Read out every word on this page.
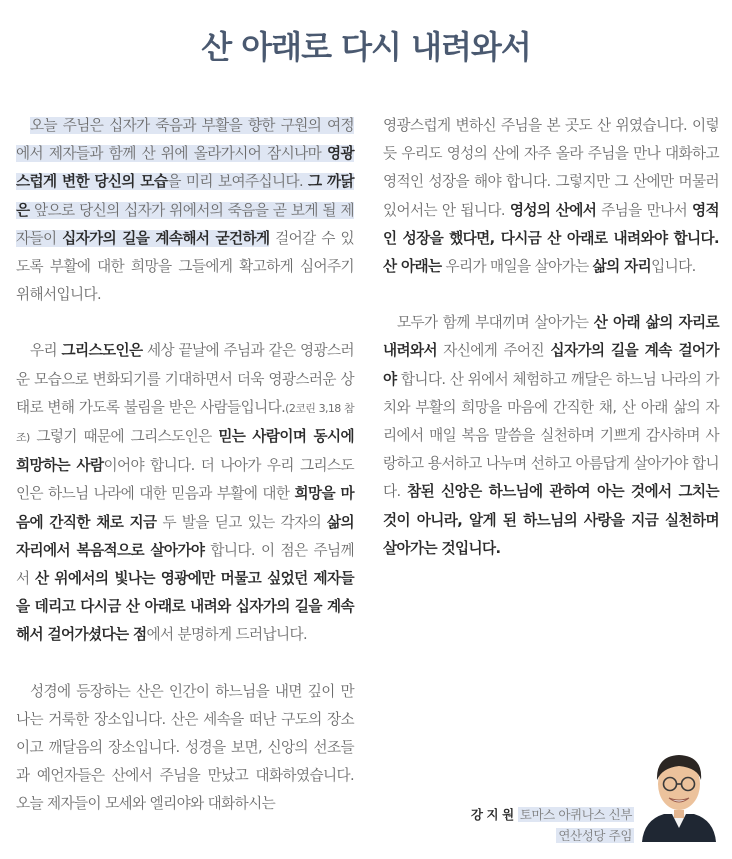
산 아래로 다시 내려와서

오늘 주님은 십자가 죽음과 부활을 향한 구원의 여정에서 제자들과 함께 산 위에 올라가시어 잠시나마 영광스럽게 변한 당신의 모습을 미리 보여주십니다. 그 까닭은 앞으로 당신의 십자가 위에서의 죽음을 곧 보게 될 제자들이 십자가의 길을 계속해서 굳건하게 걸어갈 수 있도록 부활에 대한 희망을 그들에게 확고하게 심어주기 위해서입니다.

우리 그리스도인은 세상 끝날에 주님과 같은 영광스러운 모습으로 변화되기를 기대하면서 더욱 영광스러운 상태로 변해 가도록 불림을 받은 사람들입니다.(2코린 3,18 참조) 그렇기 때문에 그리스도인은 믿는 사람이며 동시에 희망하는 사람이어야 합니다. 더 나아가 우리 그리스도인은 하느님 나라에 대한 믿음과 부활에 대한 희망을 마음에 간직한 채로 지금 두 발을 딛고 있는 각자의 삶의 자리에서 복음적으로 살아가야 합니다. 이 점은 주님께서 산 위에서의 빛나는 영광에만 머물고 싶었던 제자들을 데리고 다시금 산 아래로 내려와 십자가의 길을 계속해서 걸어가셨다는 점에서 분명하게 드러납니다.

성경에 등장하는 산은 인간이 하느님을 내면 깊이 만나는 거룩한 장소입니다. 산은 세속을 떠난 구도의 장소이고 깨달음의 장소입니다. 성경을 보면, 신앙의 선조들과 예언자들은 산에서 주님을 만났고 대화하였습니다. 오늘 제자들이 모세와 엘리야와 대화하시는

영광스럽게 변하신 주님을 본 곳도 산 위였습니다. 이렇듯 우리도 영성의 산에 자주 올라 주님을 만나 대화하고 영적인 성장을 해야 합니다. 그렇지만 그 산에만 머물러 있어서는 안 됩니다. 영성의 산에서 주님을 만나서 영적인 성장을 했다면, 다시금 산 아래로 내려와야 합니다. 산 아래는 우리가 매일을 살아가는 삶의 자리입니다.

모두가 함께 부대끼며 살아가는 산 아래 삶의 자리로 내려와서 자신에게 주어진 십자가의 길을 계속 걸어가야 합니다. 산 위에서 체험하고 깨달은 하느님 나라의 가치와 부활의 희망을 마음에 간직한 채, 산 아래 삶의 자리에서 매일 복음 말씀을 실천하며 기쁘게 감사하며 사랑하고 용서하고 나누며 선하고 아름답게 살아가야 합니다. 참된 신앙은 하느님에 관하여 아는 것에서 그치는 것이 아니라, 알게 된 하느님의 사랑을 지금 실천하며 살아가는 것입니다.

강 지 원 토마스 아퀴나스 신부
연산성당 주임
